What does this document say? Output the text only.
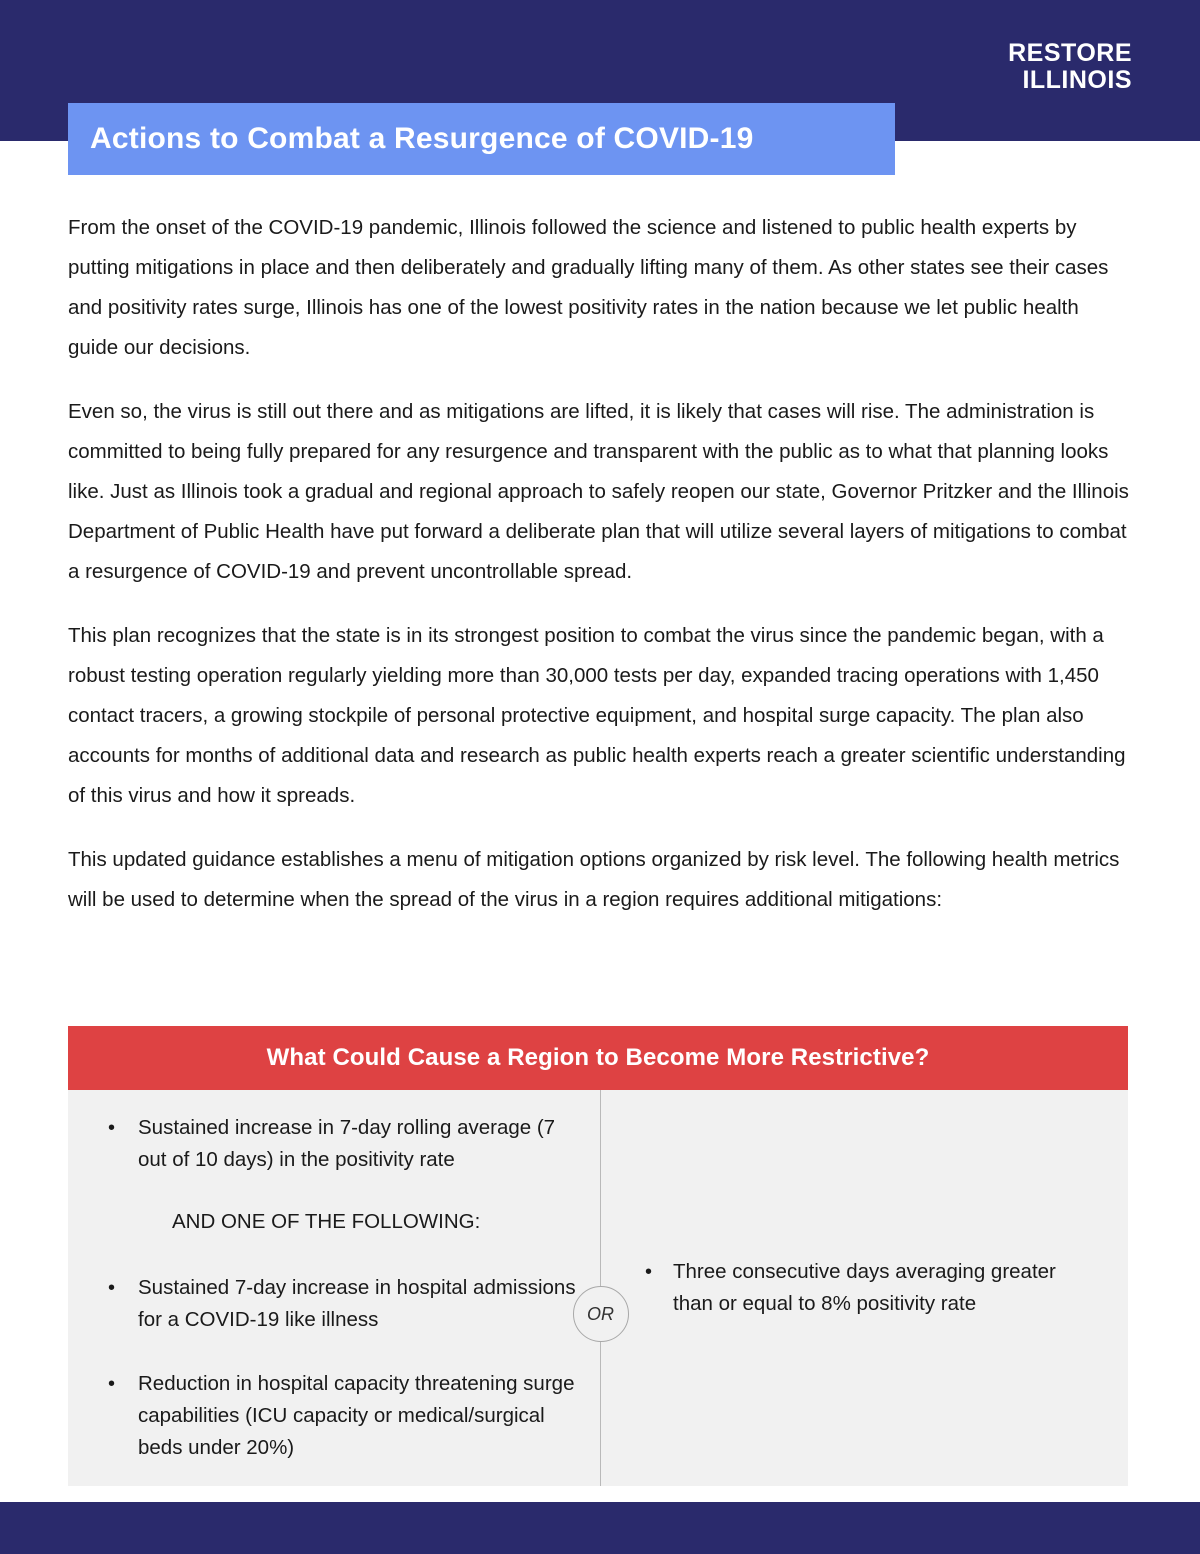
RESTORE
ILLINOIS
Actions to Combat a Resurgence of COVID-19

From the onset of the COVID-19 pandemic, Illinois followed the science and listened to public health experts by putting mitigations in place and then deliberately and gradually lifting many of them. As other states see their cases and positivity rates surge, Illinois has one of the lowest positivity rates in the nation because we let public health guide our decisions.

Even so, the virus is still out there and as mitigations are lifted, it is likely that cases will rise. The administration is committed to being fully prepared for any resurgence and transparent with the public as to what that planning looks like. Just as Illinois took a gradual and regional approach to safely reopen our state, Governor Pritzker and the Illinois Department of Public Health have put forward a deliberate plan that will utilize several layers of mitigations to combat a resurgence of COVID-19 and prevent uncontrollable spread.

This plan recognizes that the state is in its strongest position to combat the virus since the pandemic began, with a robust testing operation regularly yielding more than 30,000 tests per day, expanded tracing operations with 1,450 contact tracers, a growing stockpile of personal protective equipment, and hospital surge capacity. The plan also accounts for months of additional data and research as public health experts reach a greater scientific understanding of this virus and how it spreads.

This updated guidance establishes a menu of mitigation options organized by risk level. The following health metrics will be used to determine when the spread of the virus in a region requires additional mitigations:

What Could Cause a Region to Become More Restrictive?
• Sustained increase in 7-day rolling average (7 out of 10 days) in the positivity rate
AND ONE OF THE FOLLOWING:
• Sustained 7-day increase in hospital admissions for a COVID-19 like illness
• Reduction in hospital capacity threatening surge capabilities (ICU capacity or medical/surgical beds under 20%)
OR
• Three consecutive days averaging greater than or equal to 8% positivity rate
